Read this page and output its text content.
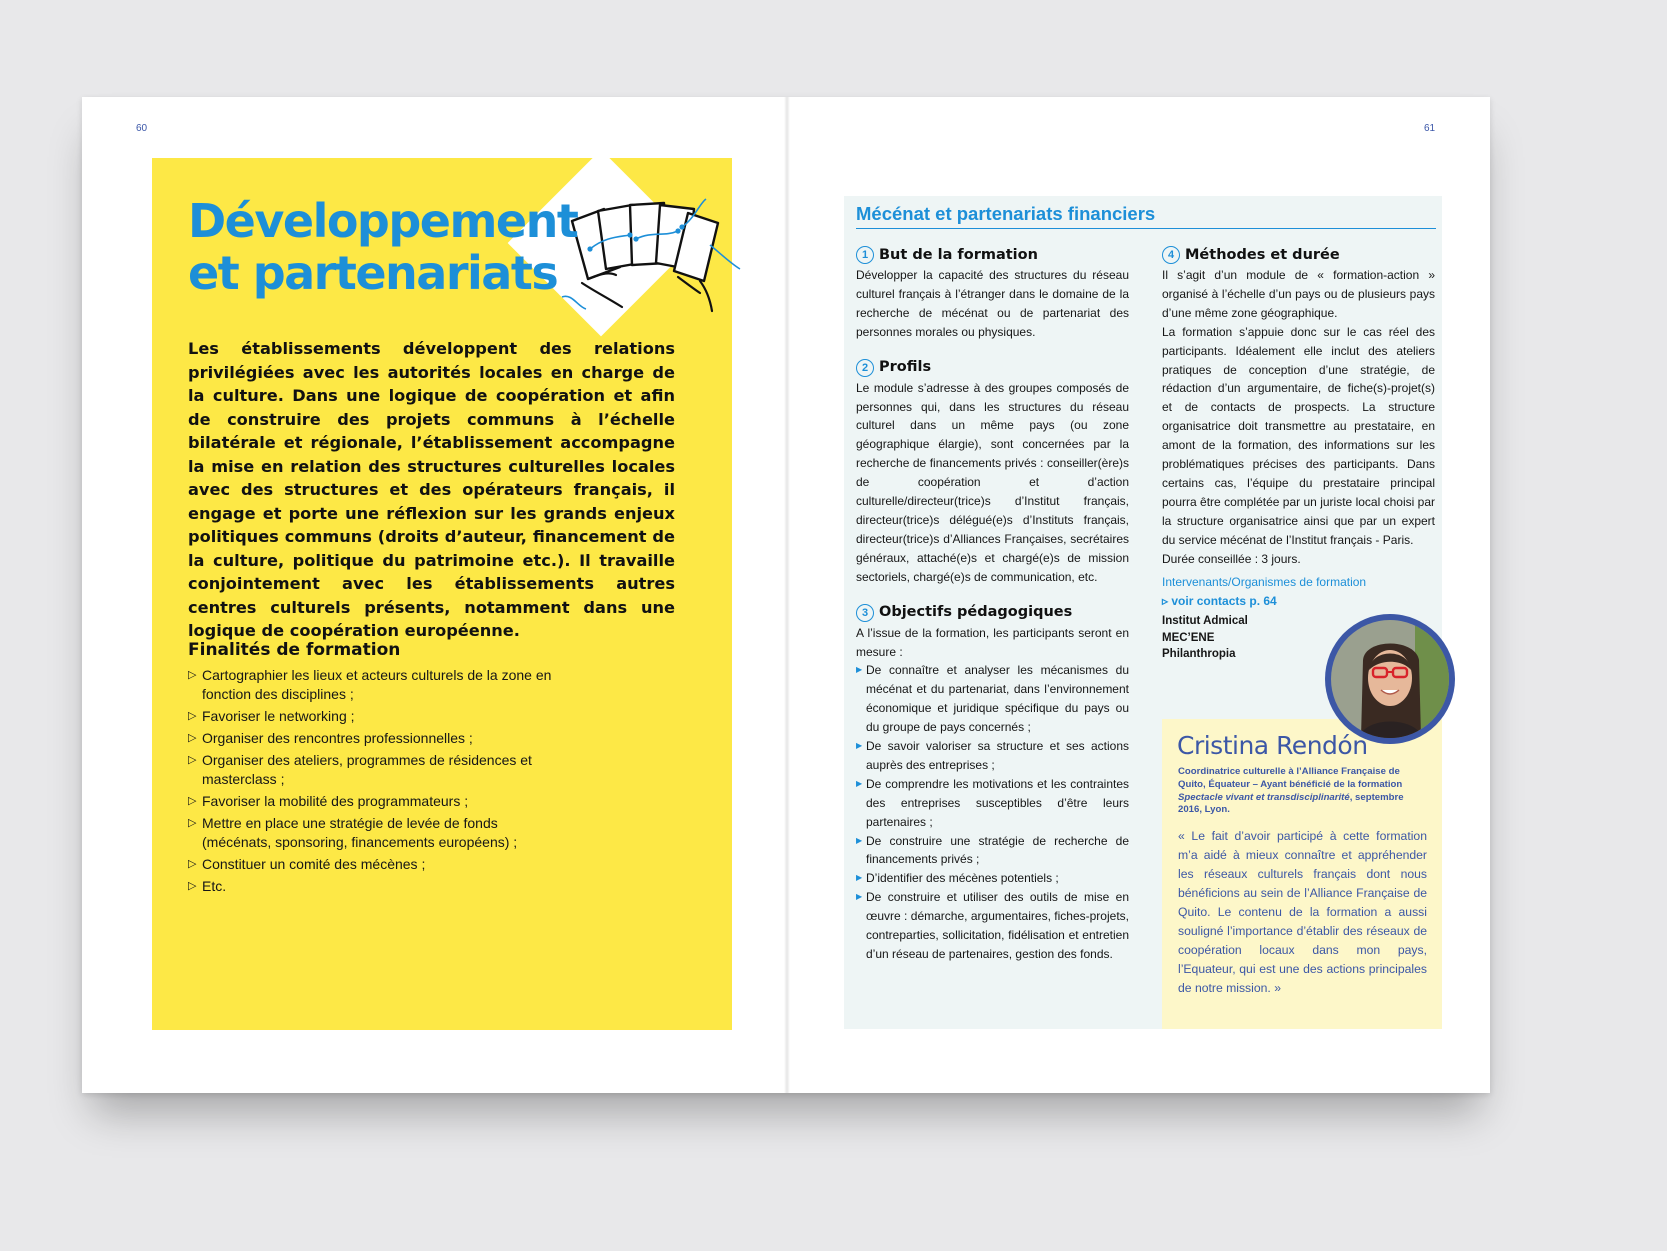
60
Développement
et partenariats
Les établissements développent des relations privilégiées avec les autorités locales en charge de la culture. Dans une logique de coopération et afin de construire des projets communs à l’échelle bilatérale et régionale, l’établissement accompagne la mise en relation des structures culturelles locales avec des structures et des opérateurs français, il engage et porte une réflexion sur les grands enjeux politiques communs (droits d’auteur, financement de la culture, politique du patrimoine etc.). Il travaille conjointement avec les établissements autres centres culturels présents, notamment dans une logique de coopération européenne.
Finalités de formation
▷ Cartographier les lieux et acteurs culturels de la zone en fonction des disciplines ;
▷ Favoriser le networking ;
▷ Organiser des rencontres professionnelles ;
▷ Organiser des ateliers, programmes de résidences et masterclass ;
▷ Favoriser la mobilité des programmateurs ;
▷ Mettre en place une stratégie de levée de fonds (mécénats, sponsoring, financements européens) ;
▷ Constituer un comité des mécènes ;
▷ Etc.
61
Mécénat et partenariats financiers
1 But de la formation

Développer la capacité des structures du réseau culturel français à l’étranger dans le domaine de la recherche de mécénat ou de partenariat des personnes morales ou physiques.

2 Profils

Le module s’adresse à des groupes composés de personnes qui, dans les structures du réseau culturel dans un même pays (ou zone géographique élargie), sont concernées par la recherche de financements privés : conseiller(ère)s de coopération et d’action culturelle/directeur(trice)s d’Institut français, directeur(trice)s délégué(e)s d’Instituts français, directeur(trice)s d’Alliances Françaises, secrétaires généraux, attaché(e)s et chargé(e)s de mission sectoriels, chargé(e)s de communication, etc.

3 Objectifs pédagogiques

A l’issue de la formation, les participants seront en mesure :

▶ De connaître et analyser les mécanismes du mécénat et du partenariat, dans l’environnement économique et juridique spécifique du pays ou du groupe de pays concernés ;
▶ De savoir valoriser sa structure et ses actions auprès des entreprises ;
▶ De comprendre les motivations et les contraintes des entreprises susceptibles d’être leurs partenaires ;
▶ De construire une stratégie de recherche de financements privés ;
▶ D’identifier des mécènes potentiels ;
▶ De construire et utiliser des outils de mise en œuvre : démarche, argumentaires, fiches-projets, contreparties, sollicitation, fidélisation et entretien d’un réseau de partenaires, gestion des fonds.
4 Méthodes et durée

Il s’agit d’un module de « formation-action » organisé à l’échelle d’un pays ou de plusieurs pays d’une même zone géographique.

La formation s’appuie donc sur le cas réel des participants. Idéalement elle inclut des ateliers pratiques de conception d’une stratégie, de rédaction d’un argumentaire, de fiche(s)-projet(s) et de contacts de prospects. La structure organisatrice doit transmettre au prestataire, en amont de la formation, des informations sur les problématiques précises des participants. Dans certains cas, l’équipe du prestataire principal pourra être complétée par un juriste local choisi par la structure organisatrice ainsi que par un expert du service mécénat de l’Institut français - Paris.

Durée conseillée : 3 jours.

Intervenants/Organismes de formation
▹ voir contacts p. 64
Institut Admical
MEC’ENE
Philanthropia
Cristina Rendón
Coordinatrice culturelle à l’Alliance Française de Quito, Équateur – Ayant bénéficié de la formation Spectacle vivant et transdisciplinarité, septembre 2016, Lyon.
« Le fait d’avoir participé à cette formation m’a aidé à mieux connaître et appréhender les réseaux culturels français dont nous bénéficions au sein de l’Alliance Française de Quito. Le contenu de la formation a aussi souligné l’importance d’établir des réseaux de coopération locaux dans mon pays, l’Equateur, qui est une des actions principales de notre mission. »
